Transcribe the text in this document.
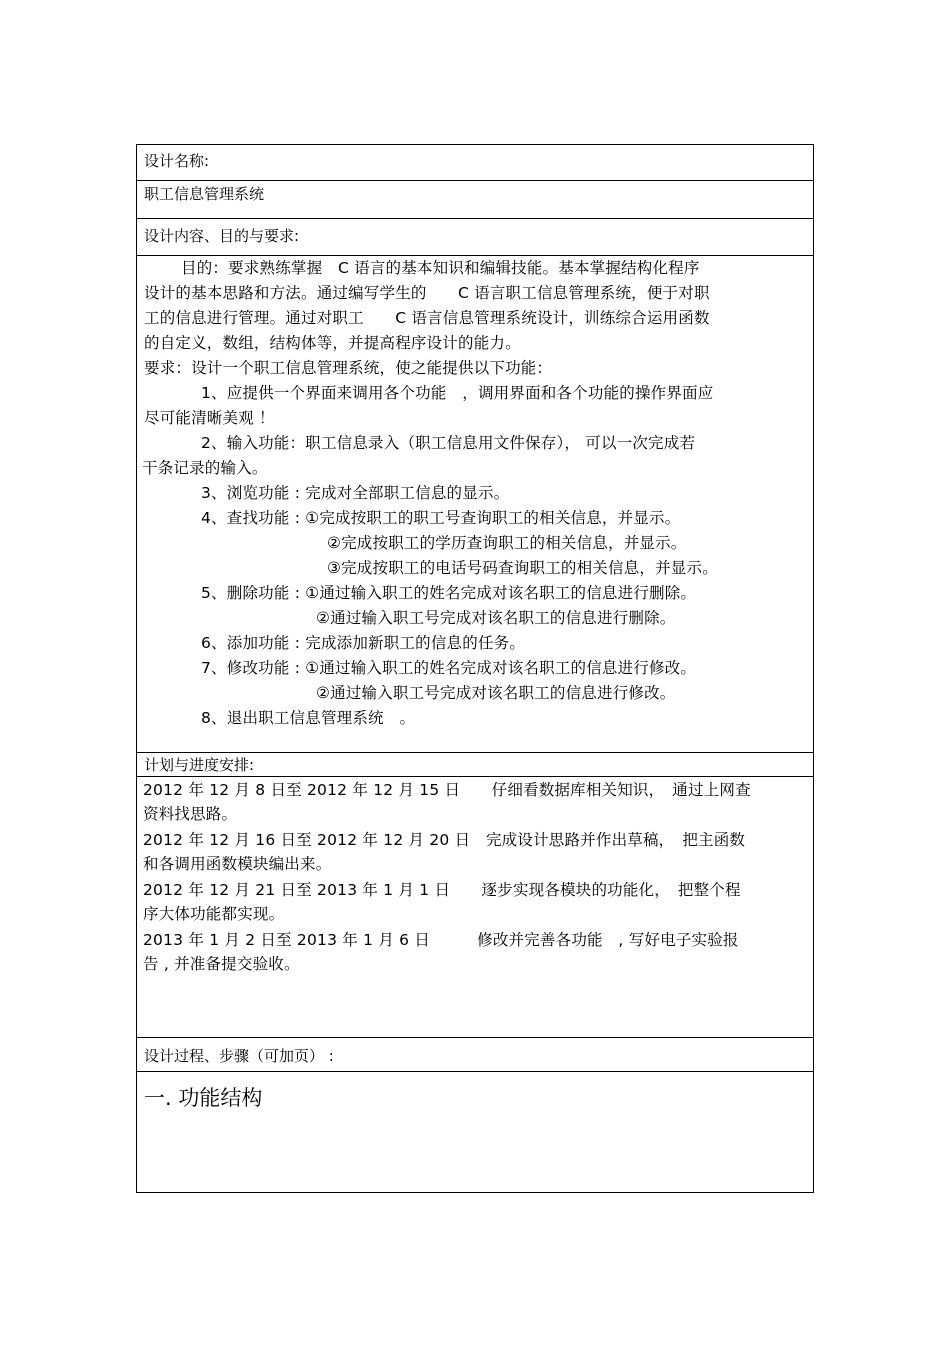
设计名称:
职工信息管理系统
设计内容、目的与要求:
目的：要求熟练掌握　C 语言的基本知识和编辑技能。基本掌握结构化程序
设计的基本思路和方法。通过编写学生的　　C 语言职工信息管理系统，便于对职
工的信息进行管理。通过对职工　　C 语言信息管理系统设计，训练综合运用函数
的自定义，数组，结构体等，并提高程序设计的能力。
要求：设计一个职工信息管理系统，使之能提供以下功能：
1、应提供一个界面来调用各个功能　，调用界面和各个功能的操作界面应
尽可能清晰美观 ！
2、输入功能：职工信息录入（职工信息用文件保存）， 可以一次完成若
干条记录的输入。
3、浏览功能 : 完成对全部职工信息的显示。
4、查找功能 : ①完成按职工的职工号查询职工的相关信息，并显示。
②完成按职工的学历查询职工的相关信息，并显示。
③完成按职工的电话号码查询职工的相关信息，并显示。
5、删除功能 : ①通过输入职工的姓名完成对该名职工的信息进行删除。
②通过输入职工号完成对该名职工的信息进行删除。
6、添加功能 : 完成添加新职工的信息的任务。
7、修改功能 : ①通过输入职工的姓名完成对该名职工的信息进行修改。
②通过输入职工号完成对该名职工的信息进行修改。
8、退出职工信息管理系统　。
计划与进度安排:
2012 年 12 月 8 日至 2012 年 12 月 15 日　　仔细看数据库相关知识，　通过上网查
资料找思路。
2012 年 12 月 16 日至 2012 年 12 月 20 日　完成设计思路并作出草稿，　把主函数
和各调用函数模块编出来。
2012 年 12 月 21 日至 2013 年 1 月 1 日　　逐步实现各模块的功能化，　把整个程
序大体功能都实现。
2013 年 1 月 2 日至 2013 年 1 月 6 日　　　修改并完善各功能　, 写好电子实验报
告 , 并准备提交验收。
设计过程、步骤（可加页） :
一. 功能结构
